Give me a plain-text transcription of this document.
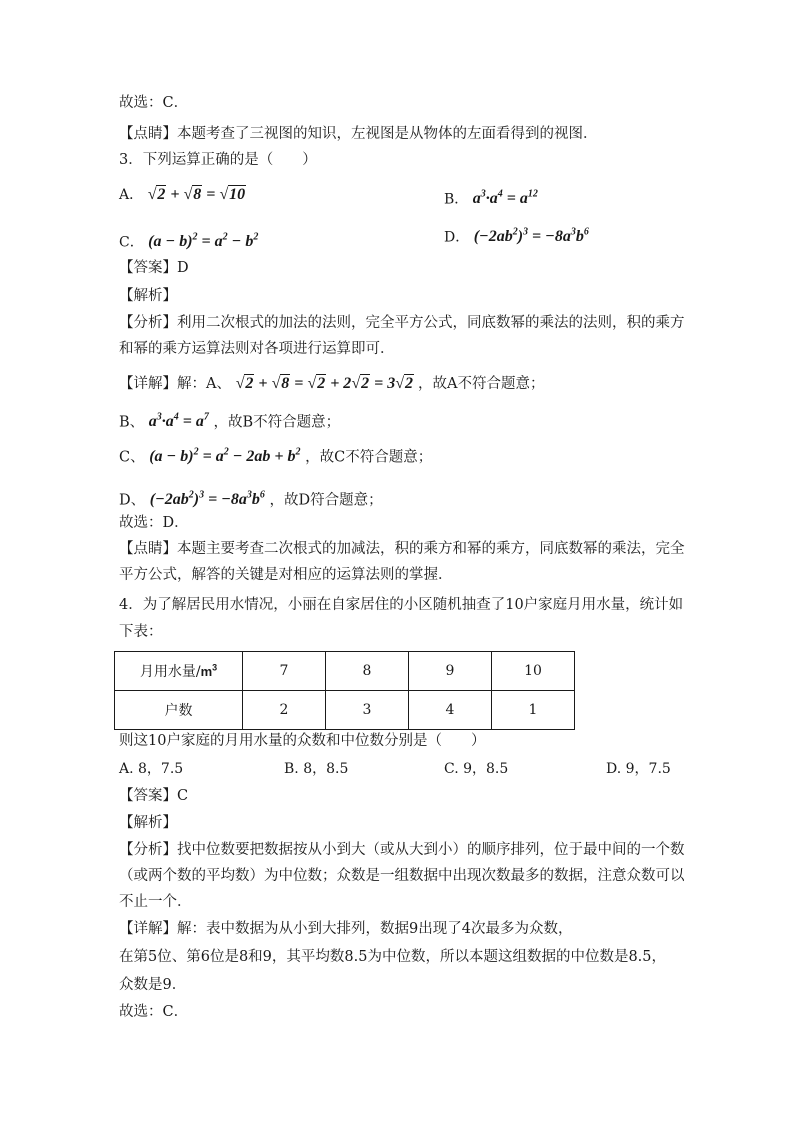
故选：C．
【点睛】本题考查了三视图的知识，左视图是从物体的左面看得到的视图．
3．下列运算正确的是（　　）
A． √2 + √8 = √10	B． $a^3\cdot a^4 = a^{12}$
C． $(a - b)^2 = a^2 - b^2$	D． $(-2ab^2)^3 = -8a^3b^6$
【答案】D
【解析】
【分析】利用二次根式的加法的法则，完全平方公式，同底数幂的乘法的法则，积的乘方
和幂的乘方运算法则对各项进行运算即可．
【详解】解：A、 √2 + √8 = √2 + 2√2 = 3√2 ，故A不符合题意；
B、 $a^3\cdot a^4 = a^7$ ，故B不符合题意；
C、 $(a - b)^2 = a^2 - 2ab + b^2$ ，故C不符合题意；
D、 $(-2ab^2)^3 = -8a^3b^6$ ，故D符合题意；
故选：D．
【点睛】本题主要考查二次根式的加减法，积的乘方和幂的乘方，同底数幂的乘法，完全
平方公式，解答的关键是对相应的运算法则的掌握．
4．为了解居民用水情况，小丽在自家居住的小区随机抽查了10户家庭月用水量，统计如
下表：
月用水量$/m^3$	7	8	9	10
户数	2	3	4	1
则这10户家庭的月用水量的众数和中位数分别是（　　）
A. 8，7.5	B. 8，8.5	C. 9，8.5	D. 9，7.5
【答案】C
【解析】
【分析】找中位数要把数据按从小到大（或从大到小）的顺序排列，位于最中间的一个数
（或两个数的平均数）为中位数；众数是一组数据中出现次数最多的数据，注意众数可以
不止一个．
【详解】解：表中数据为从小到大排列，数据9出现了4次最多为众数，
在第5位、第6位是8和9，其平均数8.5为中位数，所以本题这组数据的中位数是8.5，
众数是9．
故选：C．
